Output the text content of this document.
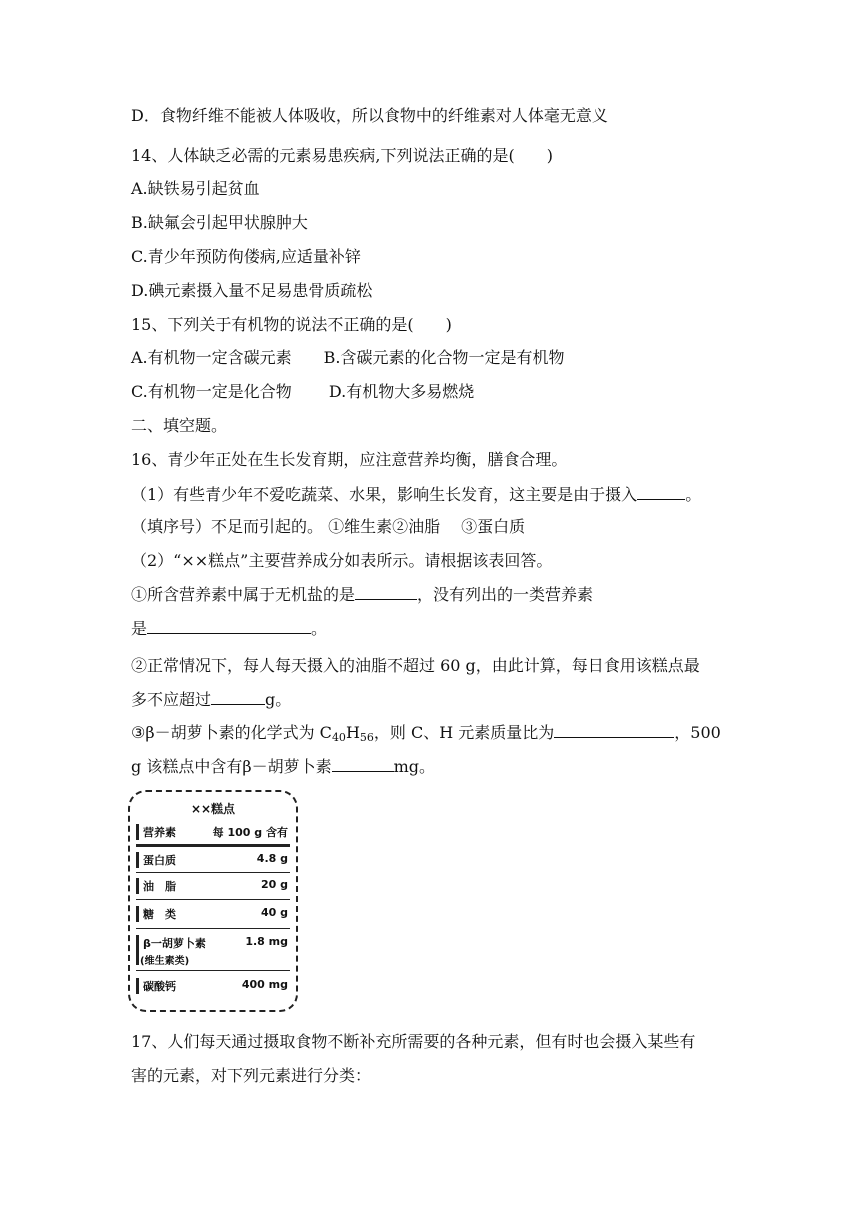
D．食物纤维不能被人体吸收，所以食物中的纤维素对人体毫无意义
14、人体缺乏必需的元素易患疾病,下列说法正确的是(　　)
A.缺铁易引起贫血
B.缺氟会引起甲状腺肿大
C.青少年预防佝偻病,应适量补锌
D.碘元素摄入量不足易患骨质疏松
15、下列关于有机物的说法不正确的是(　　)
A.有机物一定含碳元素　　B.含碳元素的化合物一定是有机物
C.有机物一定是化合物　　 D.有机物大多易燃烧
二、填空题。
16、青少年正处在生长发育期，应注意营养均衡，膳食合理。
（1）有些青少年不爱吃蔬菜、水果，影响生长发育，这主要是由于摄入	。
（填序号）不足而引起的。 ①维生素②油脂　 ③蛋白质
（2）“××糕点”主要营养成分如表所示。请根据该表回答。
①所含营养素中属于无机盐的是	，没有列出的一类营养素
是	。
②正常情况下，每人每天摄入的油脂不超过 60 g，由此计算，每日食用该糕点最
多不应超过	g。
③β－胡萝卜素的化学式为 $C_{40}H_{56}$，则 C、H 元素质量比为	，500
g 该糕点中含有β－胡萝卜素	mg。
××糕点
营养素	每 100 g 含有
蛋白质	4.8 g
油　脂	20 g
糖　类	40 g
β一胡萝卜素	1.8 mg
(维生素类)
碳酸钙	400 mg
17、人们每天通过摄取食物不断补充所需要的各种元素，但有时也会摄入某些有
害的元素，对下列元素进行分类：
